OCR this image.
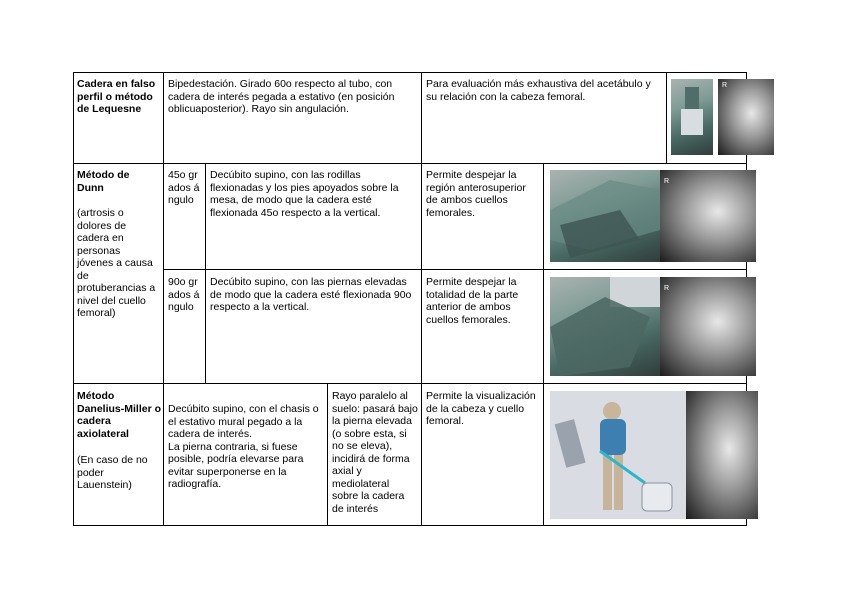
Cadera en falso perfil o método de Lequesne
Bipedestación. Girado 60o respecto al tubo, con cadera de interés pegada a estativo (en posición oblicuaposterior). Rayo sin angulación.
Para evaluación más exhaustiva del acetábulo y su relación con la cabeza femoral.
R
Método de Dunn
(artrosis o dolores de cadera en personas jóvenes a causa de protuberancias a nivel del cuello femoral)
45o grados ángulo
Decúbito supino, con las rodillas flexionadas y los pies apoyados sobre la mesa, de modo que la cadera esté flexionada 45o respecto a la vertical.
Permite despejar la región anterosuperior de ambos cuellos femorales.
R
90o grados ángulo
Decúbito supino, con las piernas elevadas de modo que la cadera esté flexionada 90o respecto a la vertical.
Permite despejar la totalidad de la parte anterior de ambos cuellos femorales.
R
Método Danelius-Miller o cadera axiolateral
(En caso de no poder Lauenstein)
Decúbito supino, con el chasis o el estativo mural pegado a la cadera de interés.
La pierna contraria, si fuese posible, podría elevarse para evitar superponerse en la radiografía.
Rayo paralelo al suelo: pasará bajo la pierna elevada (o sobre esta, si no se eleva), incidirá de forma axial y mediolateral sobre la cadera de interés
Permite la visualización de la cabeza y cuello femoral.
